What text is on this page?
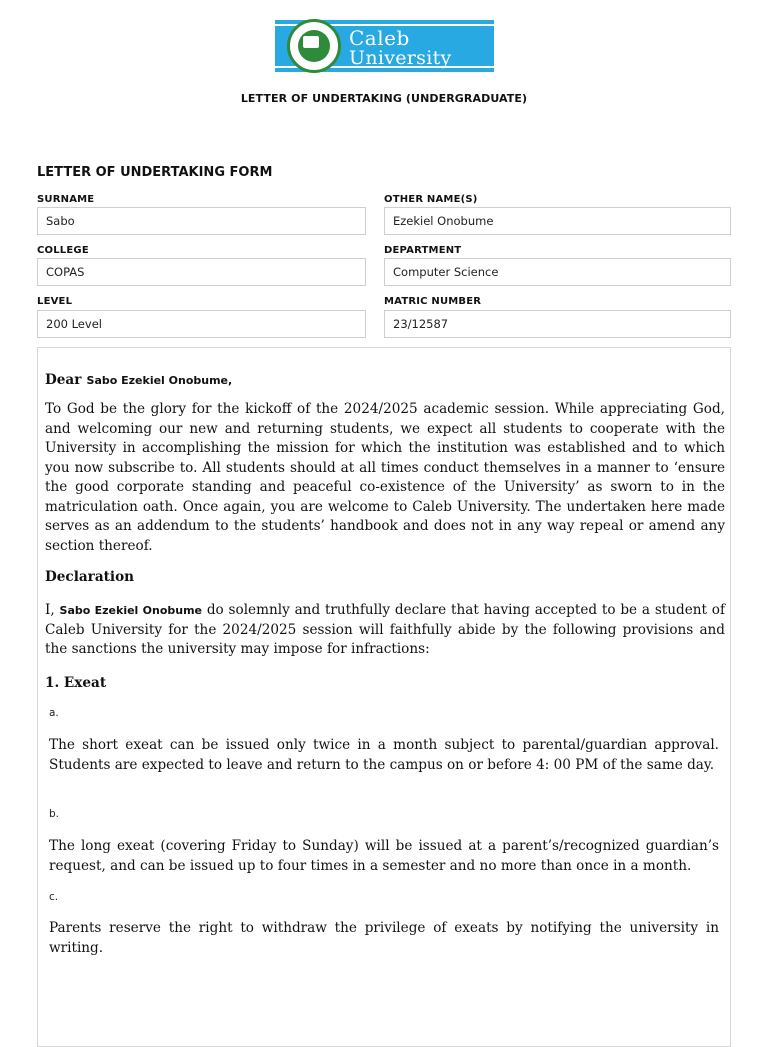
Caleb
University
LETTER OF UNDERTAKING (UNDERGRADUATE)
LETTER OF UNDERTAKING FORM
SURNAME
Sabo
OTHER NAME(S)
Ezekiel Onobume
COLLEGE
COPAS
DEPARTMENT
Computer Science
LEVEL
200 Level
MATRIC NUMBER
23/12587
Dear Sabo Ezekiel Onobume,
To God be the glory for the kickoff of the 2024/2025 academic session. While appreciating God, and welcoming our new and returning students, we expect all students to cooperate with the University in accomplishing the mission for which the institution was established and to which you now subscribe to. All students should at all times conduct themselves in a manner to ‘ensure the good corporate standing and peaceful co-existence of the University’ as sworn to in the matriculation oath. Once again, you are welcome to Caleb University. The undertaken here made serves as an addendum to the students’ handbook and does not in any way repeal or amend any section thereof.
Declaration
I, Sabo Ezekiel Onobume do solemnly and truthfully declare that having accepted to be a student of Caleb University for the 2024/2025 session will faithfully abide by the following provisions and the sanctions the university may impose for infractions:
1. Exeat
a.
The short exeat can be issued only twice in a month subject to parental/guardian approval. Students are expected to leave and return to the campus on or before 4: 00 PM of the same day.
b.
The long exeat (covering Friday to Sunday) will be issued at a parent’s/recognized guardian’s request, and can be issued up to four times in a semester and no more than once in a month.
c.
Parents reserve the right to withdraw the privilege of exeats by notifying the university in writing.
